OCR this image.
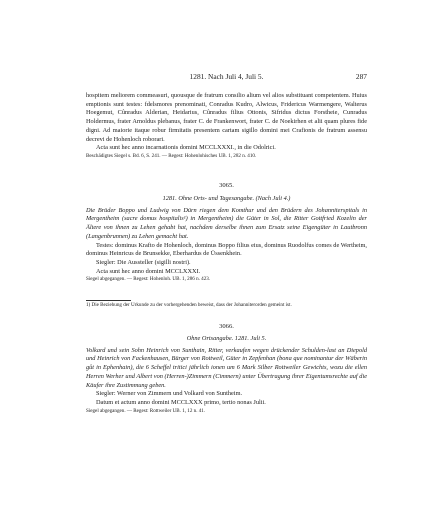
1281. Nach Juli 4, Juli 5.	287

hospitem meliorem commeasuri, quousque de fratrum consilio alium vel alios substituant competentem. Huius emptionis sunt testes: fdelsmores prenominati, Conradus Kudro, Alwicus, Fridericus Warmengere, Walterus Hoegemut, Cûnradus Alderian, Heidarius, Cûnradus filius Ottonis, Sifridus dictus Forstheie, Cunradus Holdermus, frater Arnoldus plebanus, frater C. de Frankenwort, frater C. de Noekirhen et alii quam plures fide digni. Ad maiorie itaque robur firmitatis presentem cartam sigillo domini mei Crafionis de fratrum assensu decrevi de Hohenloch roborari.

Acta sunt hec anno incarnationis domini MCCLXXXI., in die Odolrici.

Beschädigtes Siegel s. Bd. 6, S. 241. — Regest: Hohenlohisches UB. 1, 282 n. 410.

3065.

1281. Ohne Orts- und Tagesangabe. (Nach Juli 4.)

Die Brüder Boppo und Ludwig von Dürn riegen dem Komthur und den Brüdern des Johanniterspitals in Mergentheim (sacre domus hospitalis¹) in Mergentheim) die Güter in Sol, die Ritter Gottfried Kozelin der Ältere von ihnen zu Lehen gehabt hat, nachdem derselbe ihnen zum Ersatz seine Eigengüter in Lautbronn (Langenbrunnen) zu Lehen gemacht hat.

Testes: dominus Krafto de Hohenloch, dominus Boppo filius eius, dominus Ruodolfus comes de Wertheim, dominus Heinricus de Brunsekke, Eberhardus de Üssenkhein.

Siegler: Die Aussteller (sigilli nostri).

Acta sunt hec anno domini MCCLXXXI.

Siegel abgegangen. — Regest: Hohenloh. UB. 1, 286 n. 423.

1) Die Beziehung der Urkunde zu der vorhergehenden beweist, dass der Johanniterorden gemeint ist.
3066.

Ohne Ortsangabe. 1281. Juli 5.

Volkard und sein Sohn Heinrich von Sunthain, Ritter, verkaufen wegen drückender Schulden-last an Diepold und Heinrich von Fackenhausen, Bürger von Rottweil, Güter in Zepfenhan (bona que nominantur der Wäberin gût in Ephenhain), die 6 Scheffel tritici jährlich ionen um 6 Mark Silber Rottweiler Gewichts, wozu die ellen Herren Werher und Albert von (Herren-)Zimmern (Cimmern) unter Übertragung ihrer Eigentumsrechte auf die Käufer ihre Zustimmung geben.

Siegler: Werner von Zimmern und Volkard von Suntheim.

Datum et actum anno domini MCCLXXX primo, tertio nonas Julii.

Siegel abgegangen. — Regest: Rottweiler UB. 1, 12 n. 41.
